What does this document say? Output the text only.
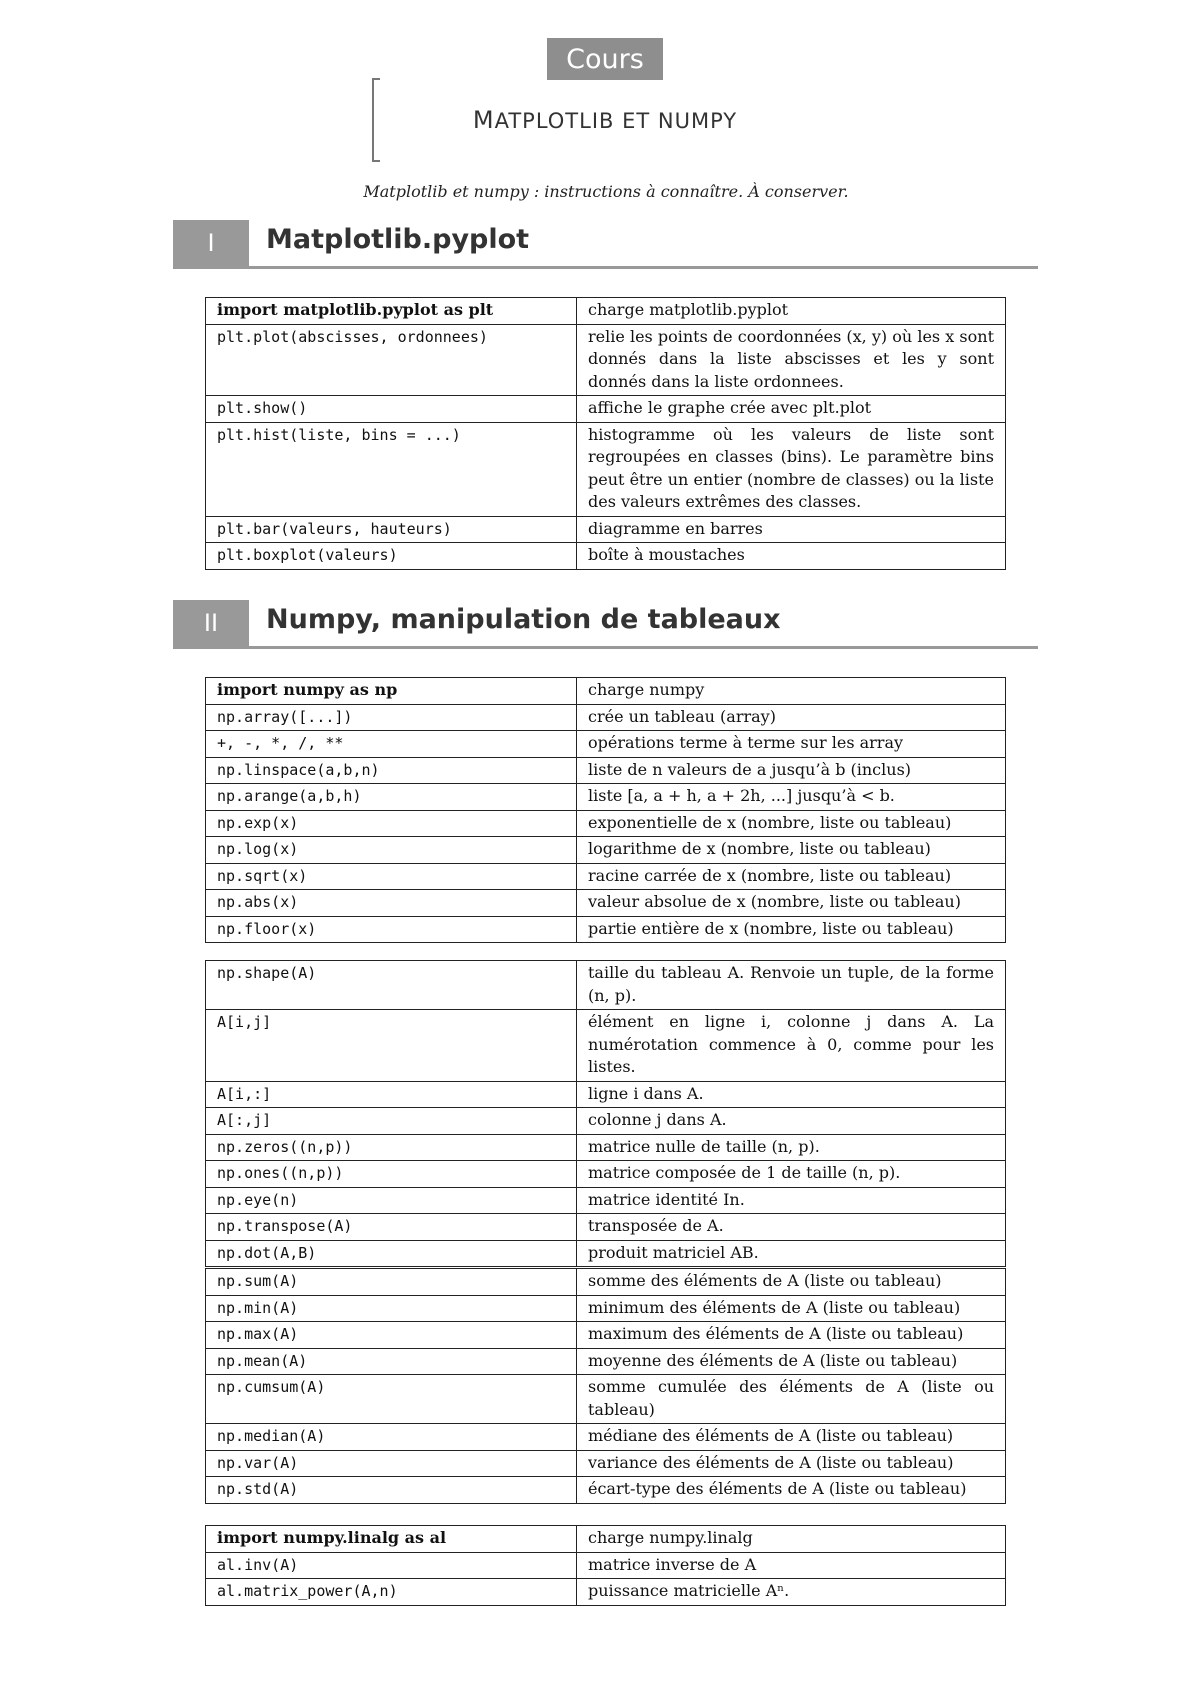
Cours
MATPLOTLIB ET NUMPY
Matplotlib et numpy : instructions à connaître. À conserver.
I	Matplotlib.pyplot
import matplotlib.pyplot as plt	charge matplotlib.pyplot
plt.plot(abscisses, ordonnees)	relie les points de coordonnées (x, y) où les x sont donnés dans la liste abscisses et les y sont donnés dans la liste ordonnees.
plt.show()	affiche le graphe crée avec plt.plot
plt.hist(liste, bins = ...)	histogramme où les valeurs de liste sont regroupées en classes (bins). Le paramètre bins peut être un entier (nombre de classes) ou la liste des valeurs extrêmes des classes.
plt.bar(valeurs, hauteurs)	diagramme en barres
plt.boxplot(valeurs)	boîte à moustaches
II	Numpy, manipulation de tableaux
import numpy as np	charge numpy
np.array([...])	crée un tableau (array)
+, -, *, /, **	opérations terme à terme sur les array
np.linspace(a,b,n)	liste de n valeurs de a jusqu’à b (inclus)
np.arange(a,b,h)	liste [a, a + h, a + 2h, ...] jusqu’à < b.
np.exp(x)	exponentielle de x (nombre, liste ou tableau)
np.log(x)	logarithme de x (nombre, liste ou tableau)
np.sqrt(x)	racine carrée de x (nombre, liste ou tableau)
np.abs(x)	valeur absolue de x (nombre, liste ou tableau)
np.floor(x)	partie entière de x (nombre, liste ou tableau)
np.shape(A)	taille du tableau A. Renvoie un tuple, de la forme (n, p).
A[i,j]	élément en ligne i, colonne j dans A. La numérotation commence à 0, comme pour les listes.
A[i,:]	ligne i dans A.
A[:,j]	colonne j dans A.
np.zeros((n,p))	matrice nulle de taille (n, p).
np.ones((n,p))	matrice composée de 1 de taille (n, p).
np.eye(n)	matrice identité In.
np.transpose(A)	transposée de A.
np.dot(A,B)	produit matriciel AB.
np.sum(A)	somme des éléments de A (liste ou tableau)
np.min(A)	minimum des éléments de A (liste ou tableau)
np.max(A)	maximum des éléments de A (liste ou tableau)
np.mean(A)	moyenne des éléments de A (liste ou tableau)
np.cumsum(A)	somme cumulée des éléments de A (liste ou tableau)
np.median(A)	médiane des éléments de A (liste ou tableau)
np.var(A)	variance des éléments de A (liste ou tableau)
np.std(A)	écart-type des éléments de A (liste ou tableau)
import numpy.linalg as al	charge numpy.linalg
al.inv(A)	matrice inverse de A
al.matrix_power(A,n)	puissance matricielle Aⁿ.
